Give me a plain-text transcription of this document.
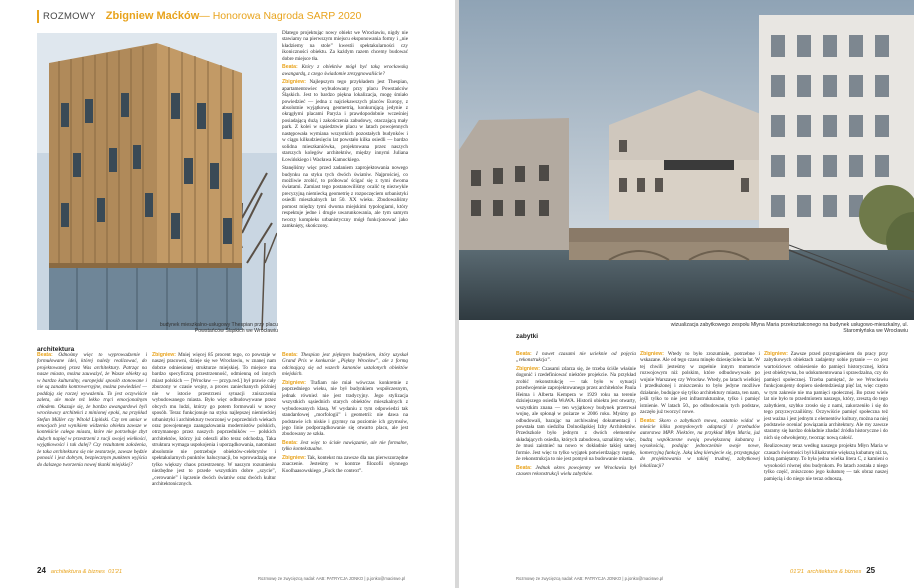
ROZMOWY Zbigniew Maćków — Honorowa Nagroda SARP 2020
budynek mieszkalno-usługowy Thespian przy placu Powstańców Śląskich we Wrocławiu
architektura

Dlatego projektując nowy obiekt we Wrocławiu, nigdy nie stawiamy na pierwszym miejscu eksponowania formy i „nie kładziemy na stole” kwestii spektakularności czy ikoniczności obiektu. Za każdym razem chcemy budować dobre miejsce tła.

Beata: Który z obiektów mógł być taką wrocławską awangardą, z czego świadomie zrezygnowaliście?

Zbigniew: Najlepszym tego przykładem jest Thespian, apartamentowiec wybudowany przy placu Powstańców Śląskich. Jest to bardzo piękna lokalizacja, mogę śmiało powiedzieć — jedna z najciekawszych placów Europy, z absolutnie wyjątkową geometrią, konkurującą jedynie z okrągłymi placami Paryża i prawdopodobnie wcześniej posiadającą dużą i zakończenia zabudowy, otaczającą mały park. Z kolei w sąsiedztwie placu w latach powojennych następowała wymiana wszystkich pozostałych budynków i w ciągu kilkudziesięciu lat powstało kilka osiedli — bardzo solidna mieszkaniówka, projektowana przez naszych starszych kolegów architektów, między innymi Juliana Łowińskiego i Wacława Kamockiego.

Stanęliśmy więc przed zadaniem zaprojektowania nowego budynku na styku tych dwóch światów. Najprościej, co możliwie zrobić, to próbować ścigać się z tymi dwoma światami. Zamiast tego postanowiliśmy ocalić tę niezwykle precyzyjną niemiecką geometrię z rozpoczęciem urbanistyki osiedli mieszkalnych lat 50. XX wieku. Zbudowaliśmy pomost między tymi dwoma miejskimi typologiami, który respektuje jedne i drugie uwarunkowania, ale tym samym tworzy kompleks urbanistyczny mógł funkcjonować jako zamknięty, skończony.

Beata: Odnośmy więc to wyprowadzenie i formułowane idei, której należy realizować, do projektowanej przez Was architektury. Patrząc na nasze miasto, można zauważyć, że Wasze obiekty są w bardzo kulturalny, europejski sposób stonowane i nie są zanadto kontrowersyjne, można powiedzieć — poddają się raczej wyważeniu. To jest oczywiście zaleta, ale może też lekko trąci emocjonalnym chłodem. Okazuje się, że bardzo awangardowi byli wrocławscy architekci z minionej epoki, na przykład Stefan Müller czy Witold Lipiński. Czy ten umiar w emocjach jest wynikiem widzenia obiektu zawsze w kontekście całego miasta, które nie potrzebuje zbyt dużych napięć w przestrzeni z racji swojej wielkości, wyjątkowości i tak dalej? Czy rezultatem założenia, że taka architektura się nie zestarzeje, zawsze będzie ponosić i jest dobrym, bezpiecznym punktem wyjścia do dalszego tworzenia nowej tkanki miejskiej?

Zbigniew: Mniej więcej 85 procent tego, co powstaje w naszej pracowni, dzieje się we Wrocławiu, w znanej nam dobrze odniesionej strukturze miejskiej. To miejsce ma bardzo specyficzną przestrzenność, odmienną od innych miast polskich — [Wrocław — przyp.red.] był prawie cały zburzony w czasie wojny, a proces zaniechanych później nie w istocie przestrzeni sytuacji zniszczenia wybudowanego miasta. Było więc odbudowywane przez obcych mu ludzi, którzy go potem formowali w nowy sposób. Teraz funkcjonuje na styku najlepszej niemieckiej urbanistyki i architektury tworzonej w poprzednich wiekach oraz powojennego zaangażowania modernistów polskich, otrzymanego przez naszych poprzedników — polskich architektów, którzy już odeszli albo teraz odchodzą. Taka struktura wymaga uspokojenia i uporządkowania, natomiast absolutnie nie potrzebuje obiektów-celebrytów i spektakularnych punktów halucynacji, bo wprowadzają one tylko większy chaos przestrzenny. W naszym rozumieniu niezbędne jest to przede wszystkim dobre „szycie”, „cerowanie” i łączenie dwóch światów oraz dwóch kultur architektonicznych.

Beata: Thespian jest pięknym budynkiem, który uzyskał Grand Prix w konkursie „Piękny Wrocław”, ale z formą odcinającą się od wszech kanonów ustalonych obiektów miejskich.

Zbigniew: Trafiam nie miał wówczas konkretnie z poprzedniego wieku, nie był budynkiem współczesnym, jednak również nie jest tradycyjny. Jego stylizacja wszystkich sąsiednich starych obiektów mieszkalnych z wybudowanych klasą. W wydaniu z tym odpowiedzi tak standardowej „morfologii” i geometrii: nie dawa na podstawie ich niskie i gzymsy na poziomie ich gzymsów, jego linie podporządkowanie się otwarto placu, ale jest zbudowany ze szkła.

Beata: Jest więc to ścisłe nawiązanie, ale nie formalne, tylko kontekstualne.

Zbigniew: Tak, kontekst ma zawsze dla nas pierwszorzędne znaczenie. Jesteśmy w kontrze filozofii słynnego Koolhaasowskiego „Fuck the context”.

wizualizacja zabytkowego zespołu Młyna Maria przekształconego na budynek usługowo-mieszkalny, ul. Staromłyńska we Wrocławiu
zabytki

Beata: I nawet czasami nie ucieknie od pojęcia „rekonstrukcja”.

Zbigniew: Czasami zdarza się, że trzeba ściśle właśnie dogonić i rzedefiniować niektóre projekcie. Na przykład zrobić rekonstrukcję — tak było w sytuacji przedwojennie zaprojektowanego przez architektów Paula Heima i Alberta Kempera w 1929 roku na terenie dzisiejszego osiedla WuWA. Historii obiektu jest otwarty, wszystkim znana — ten wyjątkowy budynek przetrwał wojnę, ale spłonął w pożarze w 2006 roku. Myśmy go odbudowali, bazując na archiwalnej dokumentacji i powstała tam siedziba Dolnośląskiej Izby Architektów. Przedszkole było jednym z dwóch elementów składających osiedla, których zabudowa, uznaliśmy więc, że musi zaistnieć na nowo w dokładnie takiej samej formie. Jest więc to tylko wyjątek potwierdzający regułę, że rekonstrukcja to nie jest pomysł na budowanie miasta.

Beata: Jednak okres powojenny we Wrocławiu był czasem rekonstrukcji wielu zabytków.

Zbigniew: Wtedy to było zrozumiałe, potrzebne i wskazane. Ale od tego czasu minęło dziesięciolecia lat. W tej chwili jesteśmy w zupełnie innym momencie rozwojowym niż polskim, które odbudowywało po wojnie Warszawę czy Wrocław. Wtedy, po latach wielkiej i przedłużonej i zniszczeniu to było jedyne możliwe działanie, budujące się tylko architektury miasta, ten nam, jeśli tylko to nie jest infrastrukturalne, tylko i pamięć istnienie. W latach 50., po odbudowaniu tych podstaw, zaczęło już tworzyć nowe.

Beata: Skoro o zabytkach mowa, ostatnio widać w mieście kilka pomysłowych adaptacji i przebudów autorstwa MPP. Niektóre, na przykład Młyn Maria, już budzą współczesne swoją powiększoną kubaturą i wysokością, podając jednocześnie swoje nowe, komercyjną funkcję. Jaką ideą kierujecie się, przystępując do projektowania w takiej trudnej, zabytkowej lokalizacji?

Zbigniew: Zawsze przed przystąpieniem do pracy przy zabytkowych obiektach zadajemy sobie pytanie — co jest wartościowe: odniesienie do pamięci historycznej, która jest obiektywna, bo udokumentowana i sprawdzalna, czy do pamięci społecznej. Trzeba pamiętać, że we Wrocławiu funkcjonujemy dopiero siedemdziesiąt pięć lat, więc często w tym zakresie nie ma pamięci społecznej. Bo przez wiele lat nie było to przedmiotem naszego, który, zresztą do tego zabytkiem, szybko zrosło się z nami, zakorzeniło i się do tego przyzwyczailiśmy. Oczywiście pamięć społeczna też jest ważna i jest jednym z elementów kultury, można na niej podstawie oceniać powiązania architektury. Ale my zawsze staramy się bardzo dokładnie zbadać źródła historyczne i do nich się odwołujemy, tworząc nową całość.

Realizowany teraz według naszego projektu Młyn Maria w czasach świetności był kilkakrotnie większą kubaturę niż ta, którą pamiętamy. To była jedna wielka litera C, z kamieni o wysokości równej obu budynkom. Po latach została z niego tylko część, zniszczono jego kubaturę — tak obraz naszej pamięcią i do niego nie teraz odnoszą.

24 architektura & biznes 01'21
Rozmowę ze zwycięzcą nadał: AAB: PATRYCJA JONKO | p.jonko@maciswe.pl
01'21 architektura & biznes 25
Rozmowę ze zwycięzcą nadał: AAB: PATRYCJA JONKO | p.jonko@maciswe.pl
